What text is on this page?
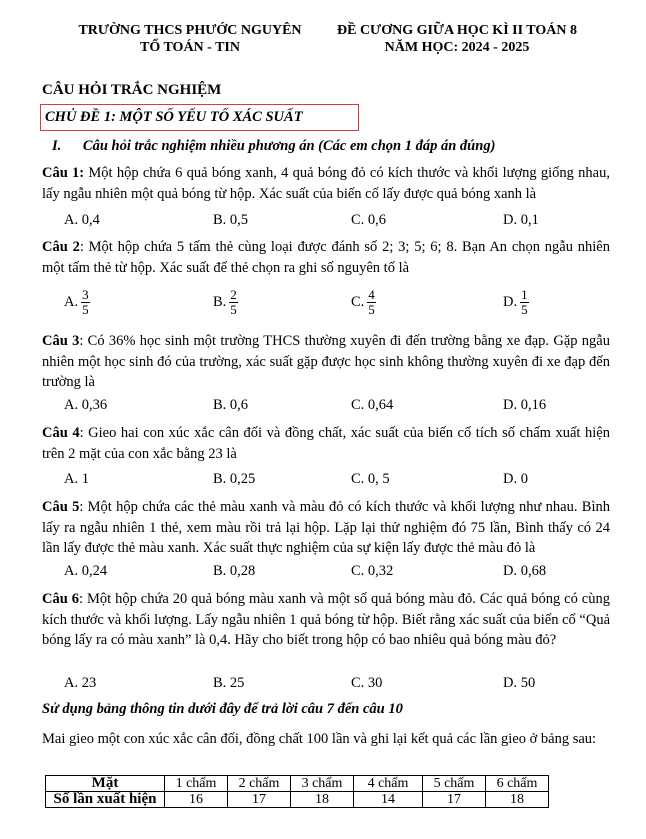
TRƯỜNG THCS PHƯỚC NGUYÊN
TỔ TOÁN - TIN
ĐỀ CƯƠNG GIỮA HỌC KÌ II TOÁN 8
NĂM HỌC: 2024 - 2025
CÂU HỎI TRẮC NGHIỆM
CHỦ ĐỀ 1: MỘT SỐ YẾU TỐ XÁC SUẤT
I. Câu hỏi trắc nghiệm nhiều phương án (Các em chọn 1 đáp án đúng)
Câu 1: Một hộp chứa 6 quả bóng xanh, 4 quả bóng đỏ có kích thước và khối lượng giống nhau, lấy ngẫu nhiên một quả bóng từ hộp. Xác suất của biến cố lấy được quả bóng xanh là
A. 0,4	B. 0,5	C. 0,6	D. 0,1
Câu 2: Một hộp chứa 5 tấm thẻ cùng loại được đánh số 2; 3; 5; 6; 8. Bạn An chọn ngẫu nhiên một tấm thẻ từ hộp. Xác suất để thẻ chọn ra ghi số nguyên tố là
A. $\frac{3}{5}$	B. $\frac{2}{5}$	C. $\frac{4}{5}$	D. $\frac{1}{5}$
Câu 3: Có 36% học sinh một trường THCS thường xuyên đi đến trường bằng xe đạp. Gặp ngẫu nhiên một học sinh đó của trường, xác suất gặp được học sinh không thường xuyên đi xe đạp đến trường là
A. 0,36	B. 0,6	C. 0,64	D. 0,16
Câu 4: Gieo hai con xúc xắc cân đối và đồng chất, xác suất của biến cố tích số chấm xuất hiện trên 2 mặt của con xắc bằng 23 là
A. 1	B. 0,25	C. 0, 5	D. 0
Câu 5: Một hộp chứa các thẻ màu xanh và màu đỏ có kích thước và khối lượng như nhau. Bình lấy ra ngẫu nhiên 1 thẻ, xem màu rồi trả lại hộp. Lặp lại thử nghiệm đó 75 lần, Bình thấy có 24 lần lấy được thẻ màu xanh. Xác suất thực nghiệm của sự kiện lấy được thẻ màu đỏ là
A. 0,24	B. 0,28	C. 0,32	D. 0,68
Câu 6: Một hộp chứa 20 quả bóng màu xanh và một số quả bóng màu đỏ. Các quả bóng có cùng kích thước và khối lượng. Lấy ngẫu nhiên 1 quả bóng từ hộp. Biết rằng xác suất của biến cố “Quả bóng lấy ra có màu xanh” là 0,4. Hãy cho biết trong hộp có bao nhiêu quả bóng màu đỏ?
A. 23	B. 25	C. 30	D. 50
Sử dụng bảng thông tin dưới đây để trả lời câu 7 đến câu 10
Mai gieo một con xúc xắc cân đối, đồng chất 100 lần và ghi lại kết quả các lần gieo ở bảng sau:
Mặt	1 chấm	2 chấm	3 chấm	4 chấm	5 chấm	6 chấm
Số lần xuất hiện	16	17	18	14	17	18
